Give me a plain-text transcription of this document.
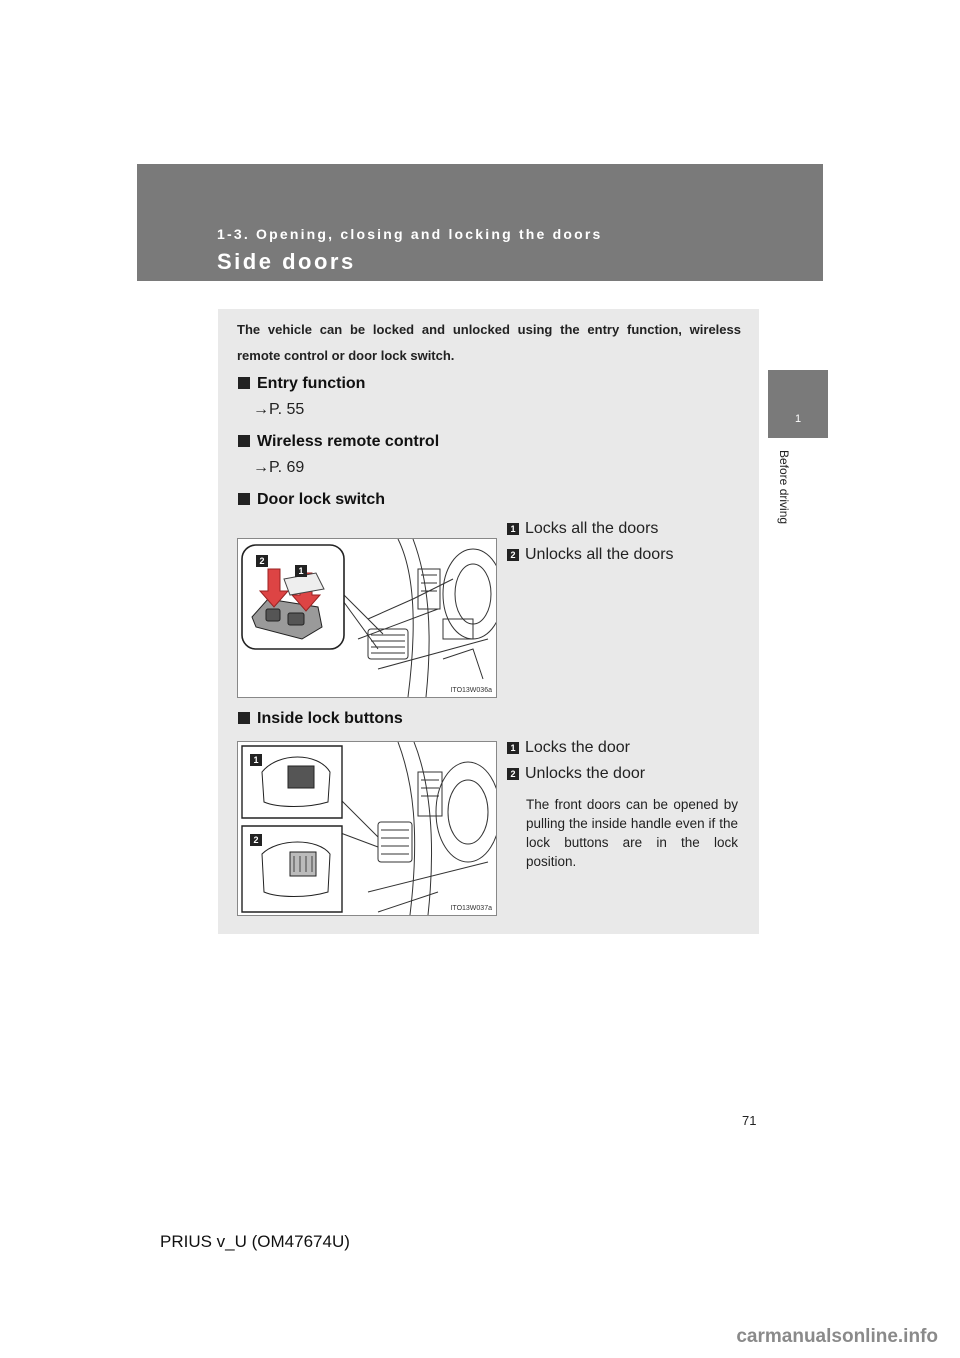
1-3. Opening, closing and locking the doors
Side doors
1
Before driving
The vehicle can be locked and unlocked using the entry function, wireless remote control or door lock switch.
Entry function
→P. 55
Wireless remote control
→P. 69
Door lock switch
2
1
ITO13W036a
1 Locks all the doors
2 Unlocks all the doors
Inside lock buttons
1
2
ITO13W037a
1 Locks the door
2 Unlocks the door
The front doors can be opened by pulling the inside handle even if the lock buttons are in the lock position.
71
PRIUS v_U (OM47674U)
carmanualsonline.info
